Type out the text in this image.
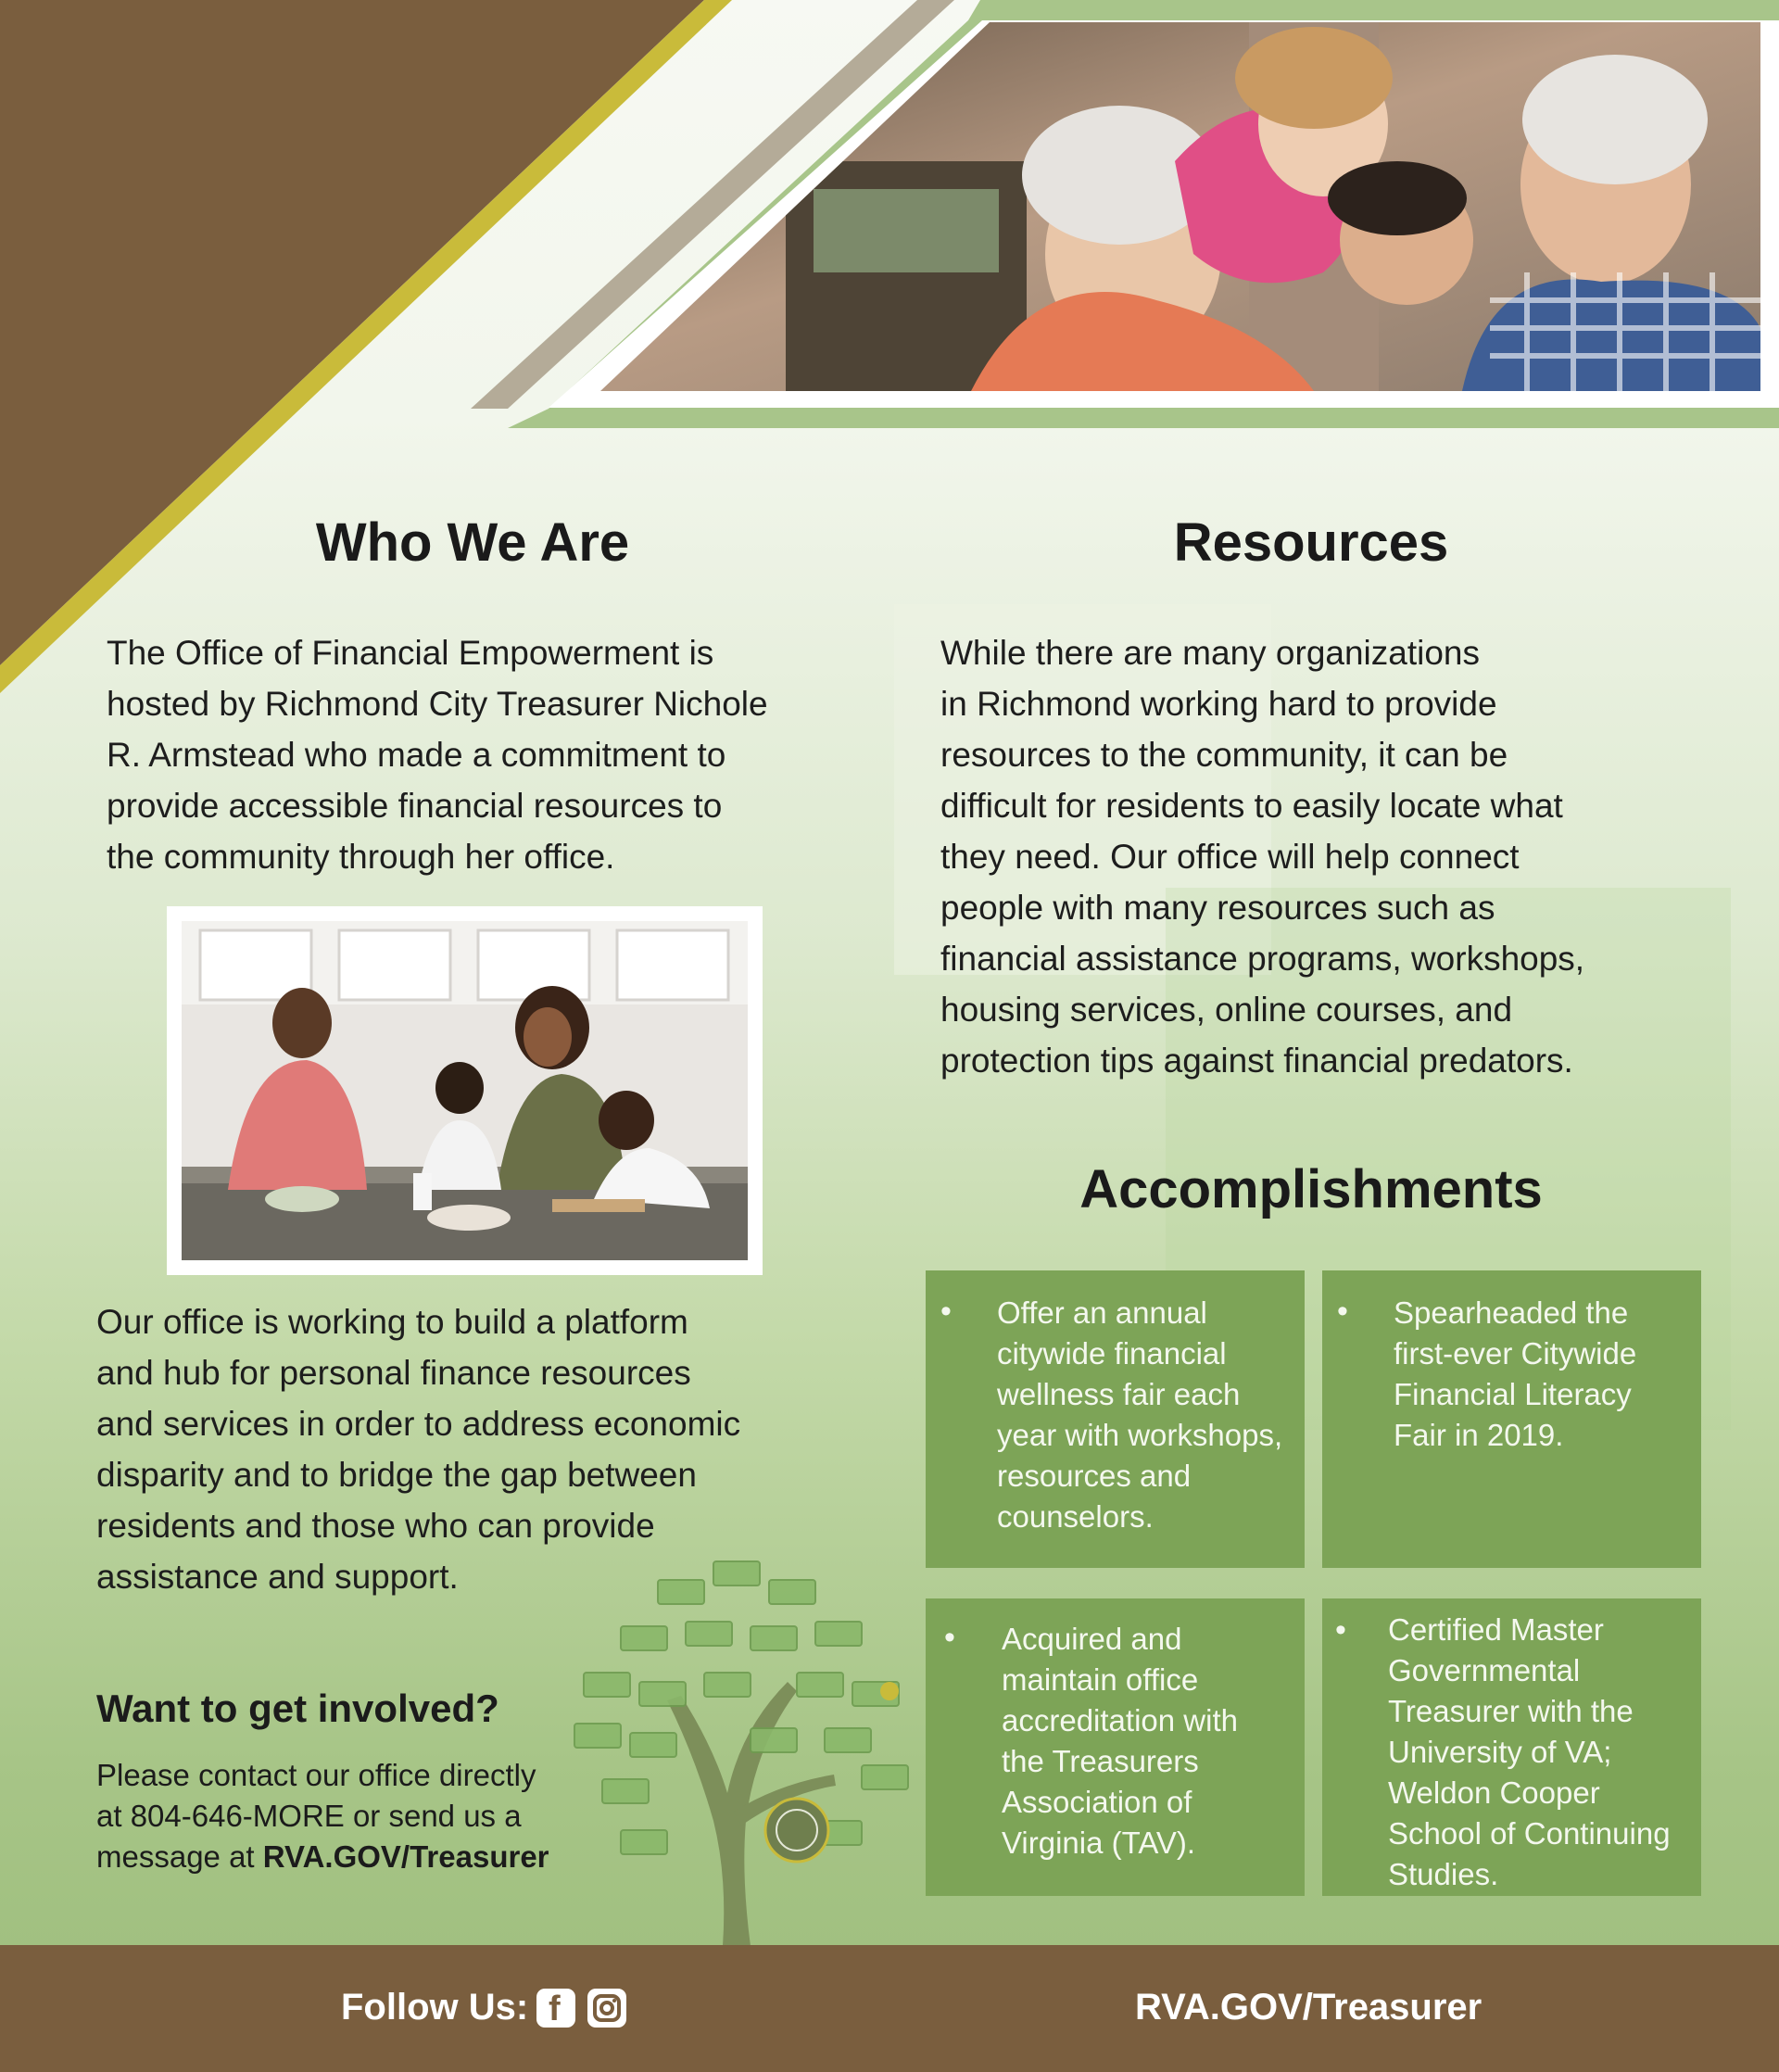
Who We Are
The Office of Financial Empowerment is
hosted by Richmond City Treasurer Nichole
R. Armstead who made a commitment to
provide accessible financial resources to
the community through her office.
Our office is working to build a platform
and hub for personal finance resources
and services in order to address economic
disparity and to bridge the gap between
residents and those who can provide
assistance and support.
Want to get involved?
Please contact our office directly
at 804-646-MORE or send us a
message at RVA.GOV/Treasurer
Resources
While there are many organizations
in Richmond working hard to provide
resources to the community, it can be
difficult for residents to easily locate what
they need. Our office will help connect
people with many resources such as
financial assistance programs, workshops,
housing services, online courses, and
protection tips against financial predators.
Accomplishments
• Offer an annual
citywide financial
wellness fair each
year with workshops,
resources and
counselors.
• Spearheaded the
first-ever Citywide
Financial Literacy
Fair in 2019.
• Acquired and
maintain office
accreditation with
the Treasurers
Association of
Virginia (TAV).
• Certified Master
Governmental
Treasurer with the
University of VA;
Weldon Cooper
School of Continuing
Studies.
Follow Us: f	RVA.GOV/Treasurer
